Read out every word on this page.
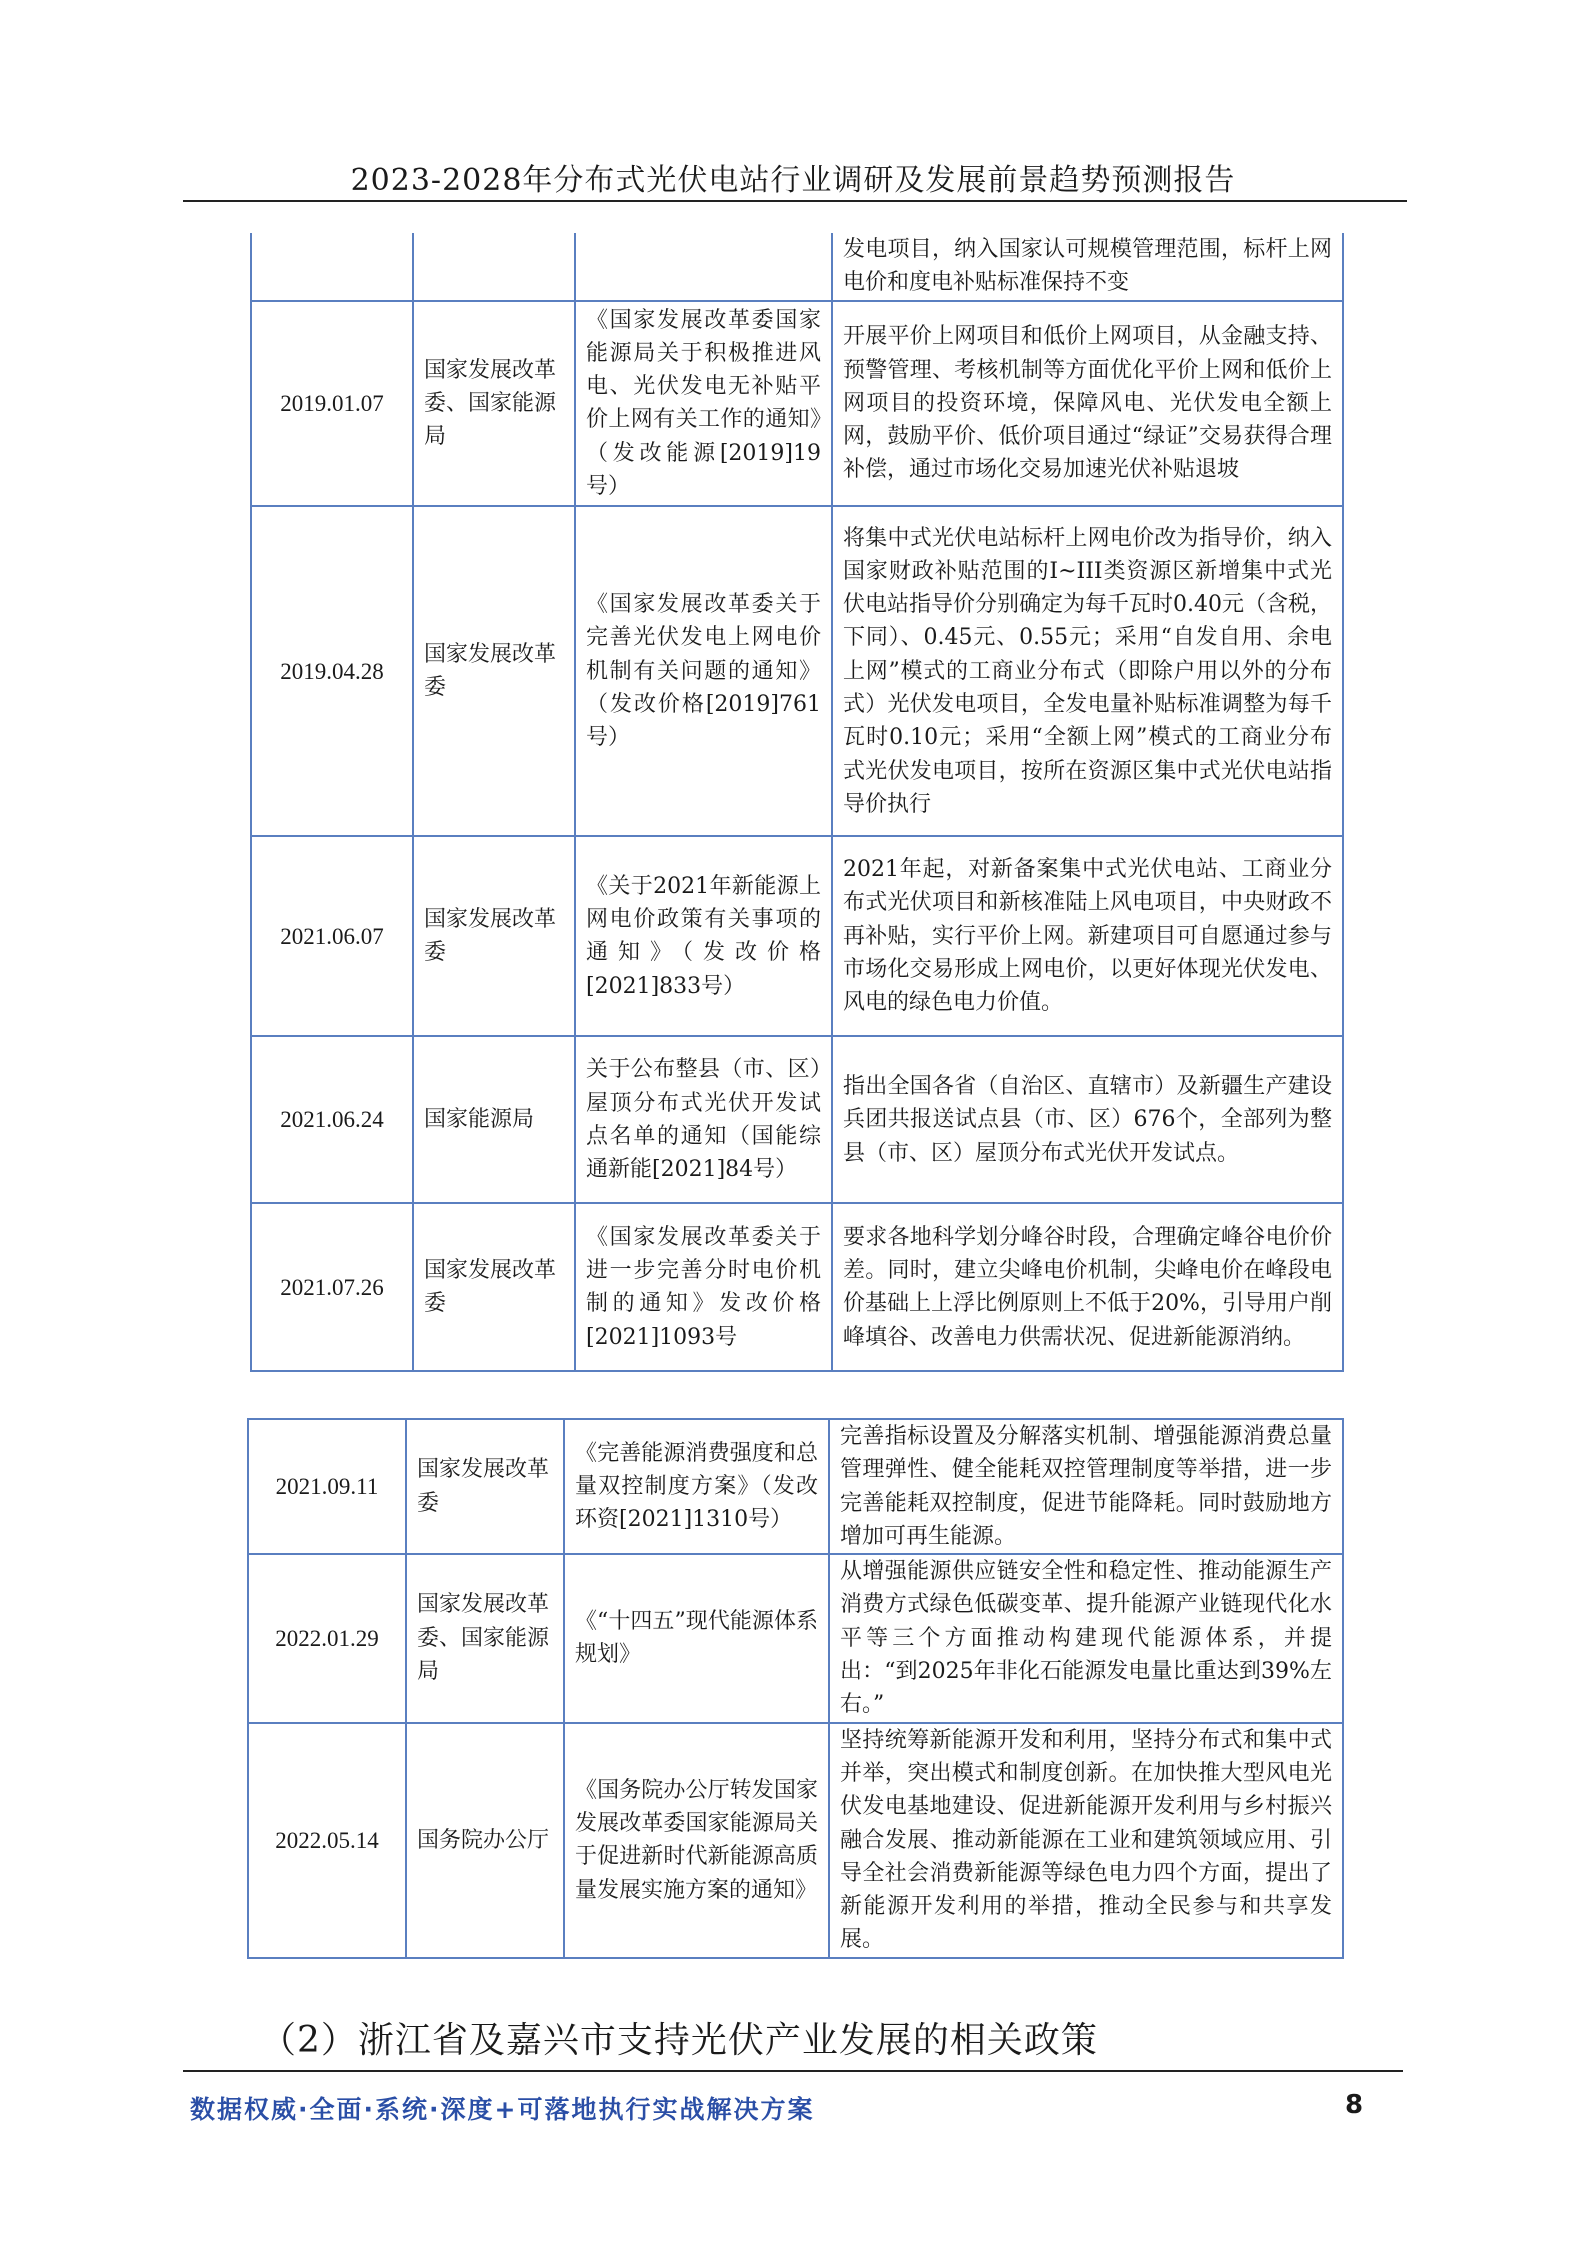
2023-2028年分布式光伏电站行业调研及发展前景趋势预测报告
			发电项目，纳入国家认可规模管理范围，标杆上网电价和度电补贴标准保持不变
2019.01.07	国家发展改革委、国家能源局	《国家发展改革委国家能源局关于积极推进风电、光伏发电无补贴平价上网有关工作的通知》（发改能源[2019]19号）	开展平价上网项目和低价上网项目，从金融支持、预警管理、考核机制等方面优化平价上网和低价上网项目的投资环境，保障风电、光伏发电全额上网，鼓励平价、低价项目通过“绿证”交易获得合理补偿，通过市场化交易加速光伏补贴退坡
2019.04.28	国家发展改革委	《国家发展改革委关于完善光伏发电上网电价机制有关问题的通知》（发改价格[2019]761号）	将集中式光伏电站标杆上网电价改为指导价，纳入国家财政补贴范围的I~III类资源区新增集中式光伏电站指导价分别确定为每千瓦时0.40元（含税，下同）、0.45元、0.55元；采用“自发自用、余电上网”模式的工商业分布式（即除户用以外的分布式）光伏发电项目，全发电量补贴标准调整为每千瓦时0.10元；采用“全额上网”模式的工商业分布式光伏发电项目，按所在资源区集中式光伏电站指导价执行
2021.06.07	国家发展改革委	《关于2021年新能源上网电价政策有关事项的通知》（发改价格[2021]833号）	2021年起，对新备案集中式光伏电站、工商业分布式光伏项目和新核准陆上风电项目，中央财政不再补贴，实行平价上网。新建项目可自愿通过参与市场化交易形成上网电价，以更好体现光伏发电、风电的绿色电力价值。
2021.06.24	国家能源局	关于公布整县（市、区）屋顶分布式光伏开发试点名单的通知（国能综通新能[2021]84号）	指出全国各省（自治区、直辖市）及新疆生产建设兵团共报送试点县（市、区）676个，全部列为整县（市、区）屋顶分布式光伏开发试点。
2021.07.26	国家发展改革委	《国家发展改革委关于进一步完善分时电价机制的通知》发改价格[2021]1093号	要求各地科学划分峰谷时段，合理确定峰谷电价价差。同时，建立尖峰电价机制，尖峰电价在峰段电价基础上上浮比例原则上不低于20%，引导用户削峰填谷、改善电力供需状况、促进新能源消纳。
2021.09.11	国家发展改革委	《完善能源消费强度和总量双控制度方案》（发改环资[2021]1310号）	完善指标设置及分解落实机制、增强能源消费总量管理弹性、健全能耗双控管理制度等举措，进一步完善能耗双控制度，促进节能降耗。同时鼓励地方增加可再生能源。
2022.01.29	国家发展改革委、国家能源局	《“十四五”现代能源体系规划》	从增强能源供应链安全性和稳定性、推动能源生产消费方式绿色低碳变革、提升能源产业链现代化水平等三个方面推动构建现代能源体系，并提出：“到2025年非化石能源发电量比重达到39%左右。”
2022.05.14	国务院办公厅	《国务院办公厅转发国家发展改革委国家能源局关于促进新时代新能源高质量发展实施方案的通知》	坚持统筹新能源开发和利用，坚持分布式和集中式并举，突出模式和制度创新。在加快推大型风电光伏发电基地建设、促进新能源开发利用与乡村振兴融合发展、推动新能源在工业和建筑领域应用、引导全社会消费新能源等绿色电力四个方面，提出了新能源开发利用的举措，推动全民参与和共享发展。
（2）浙江省及嘉兴市支持光伏产业发展的相关政策
数据权威·全面·系统·深度+可落地执行实战解决方案	8
